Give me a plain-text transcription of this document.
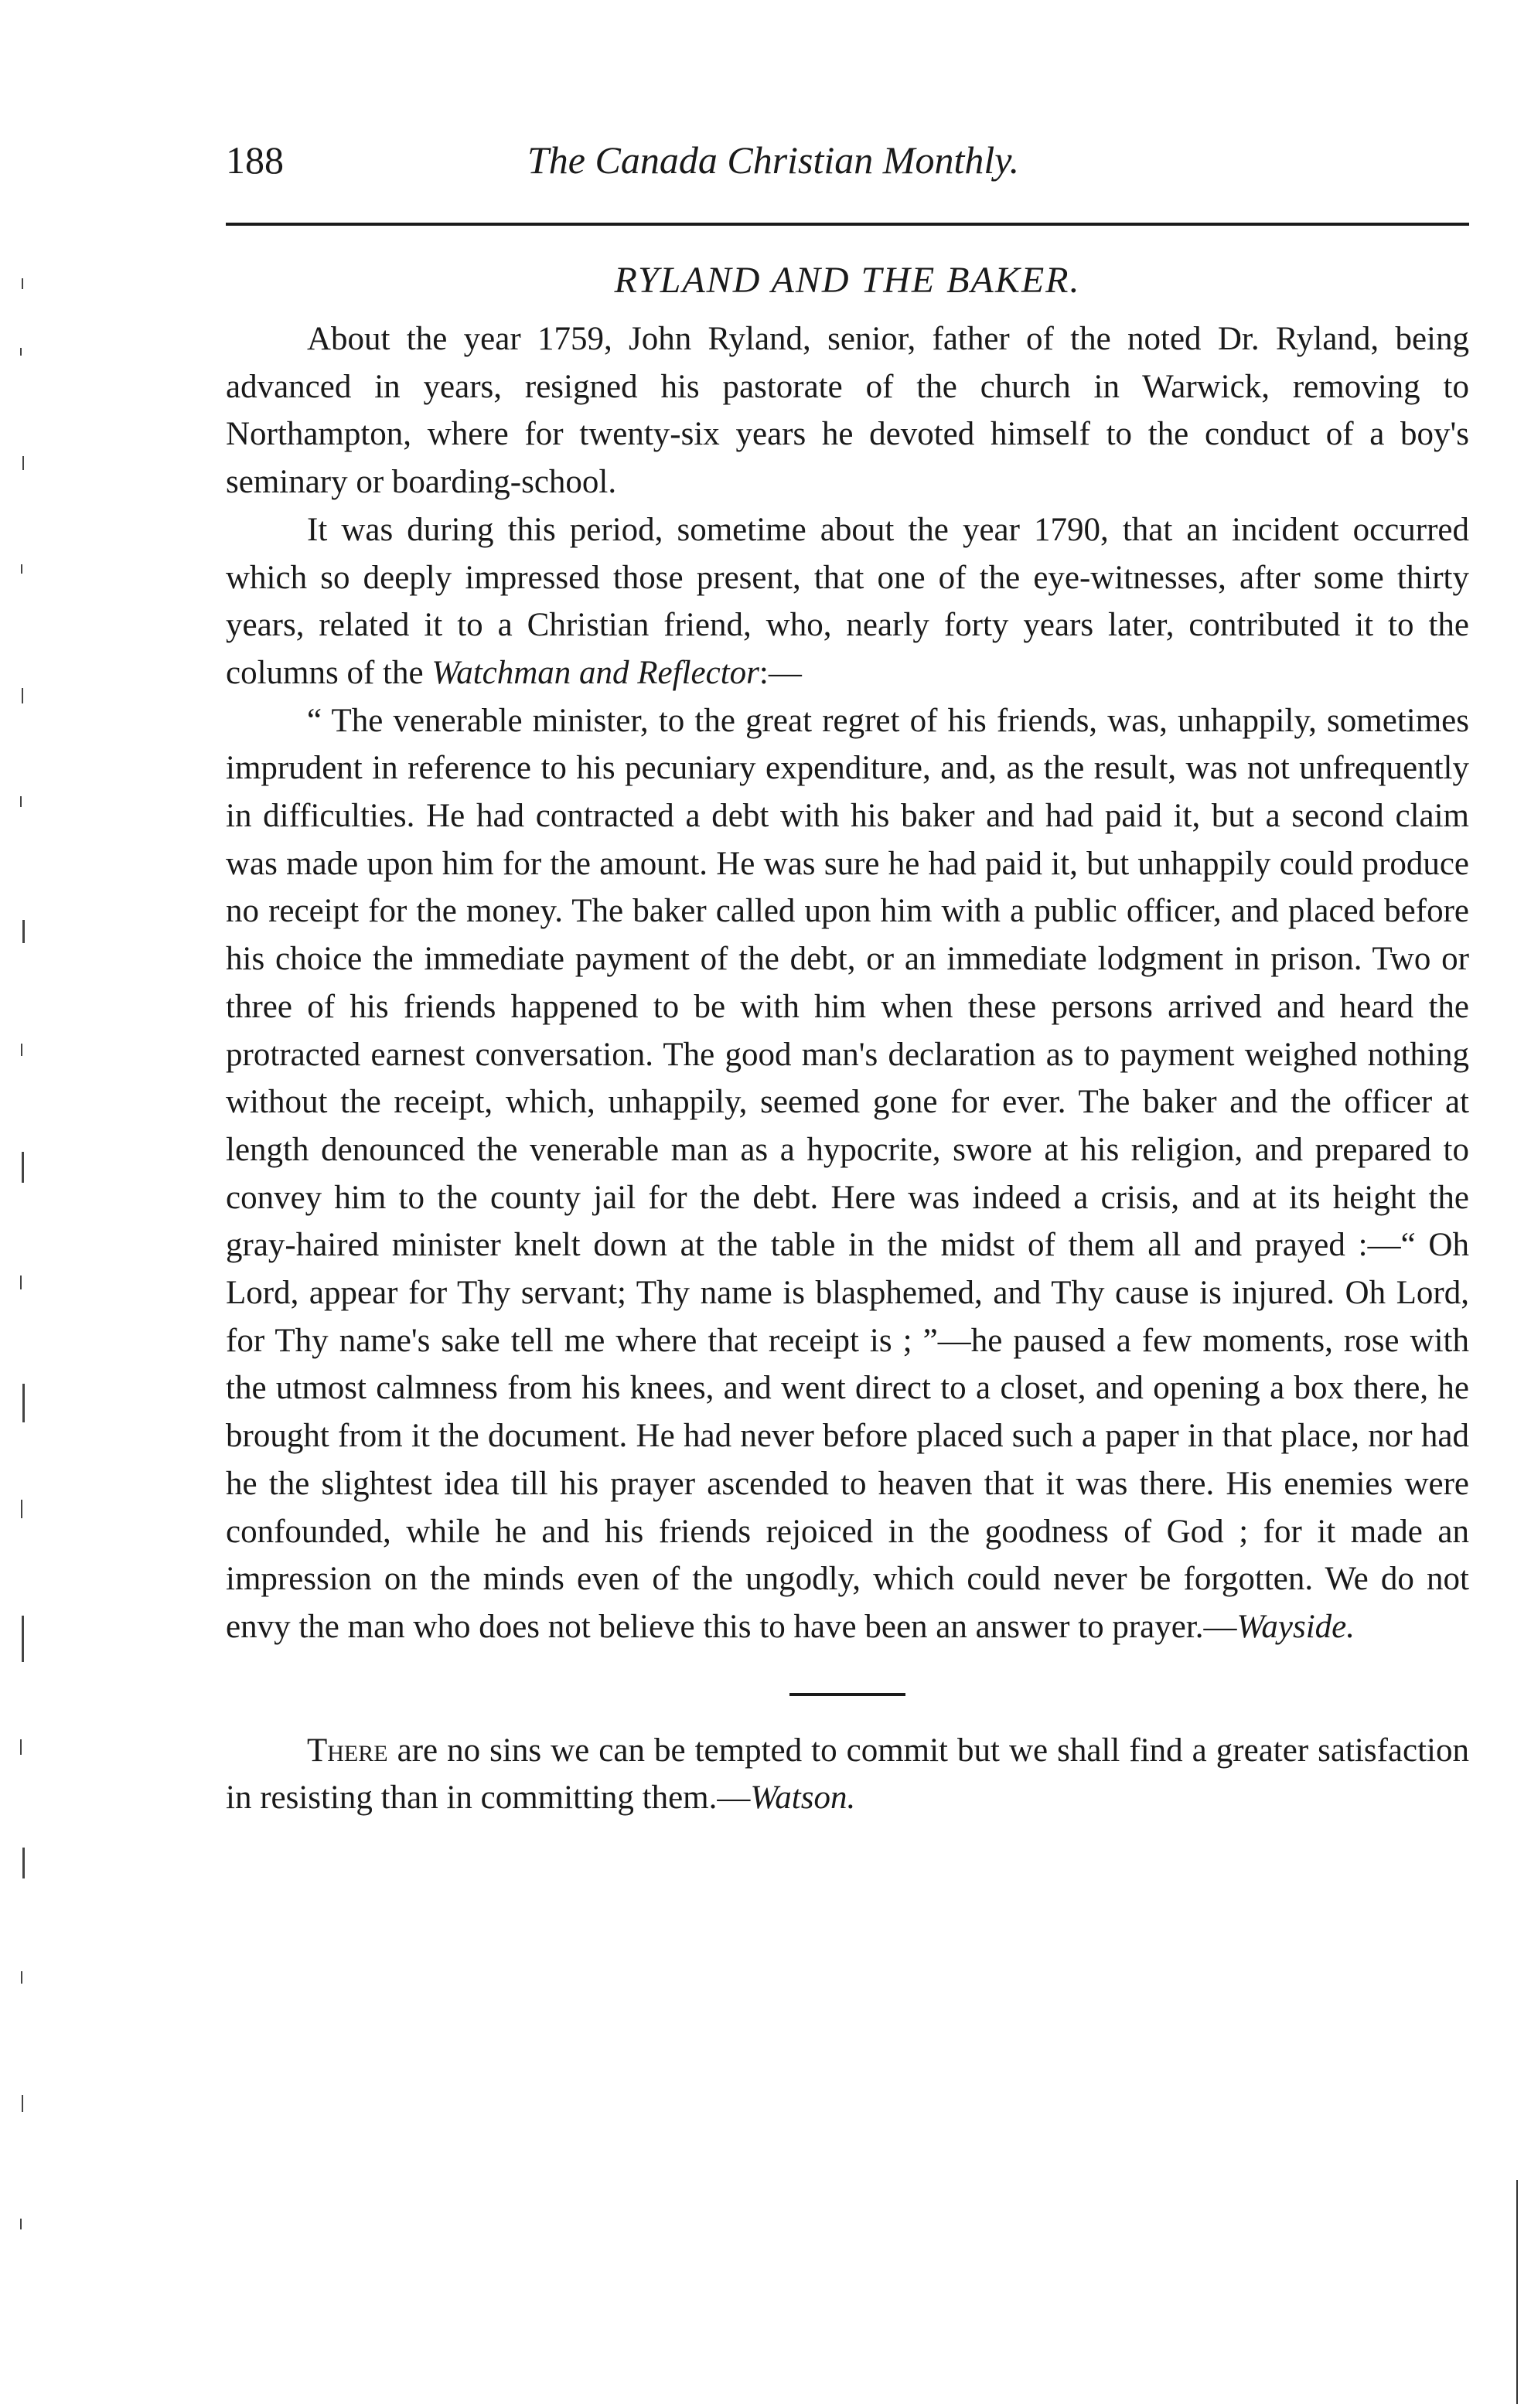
188	The Canada Christian Monthly.
RYLAND AND THE BAKER.

About the year 1759, John Ryland, senior, father of the noted Dr. Ryland, being advanced in years, resigned his pastorate of the church in Warwick, removing to Northampton, where for twenty-six years he devoted himself to the conduct of a boy's seminary or boarding-school.

It was during this period, sometime about the year 1790, that an incident occurred which so deeply impressed those present, that one of the eye-witnesses, after some thirty years, related it to a Christian friend, who, nearly forty years later, contributed it to the columns of the Watchman and Reflector:—

“ The venerable minister, to the great regret of his friends, was, unhappily, sometimes imprudent in reference to his pecuniary expenditure, and, as the result, was not unfrequently in difficulties. He had contracted a debt with his baker and had paid it, but a second claim was made upon him for the amount. He was sure he had paid it, but unhappily could produce no receipt for the money. The baker called upon him with a public officer, and placed before his choice the immediate payment of the debt, or an immediate lodgment in prison. Two or three of his friends happened to be with him when these persons arrived and heard the protracted earnest conversation. The good man's declaration as to payment weighed nothing without the receipt, which, unhappily, seemed gone for ever. The baker and the officer at length denounced the venerable man as a hypocrite, swore at his religion, and prepared to convey him to the county jail for the debt. Here was indeed a crisis, and at its height the gray-haired minister knelt down at the table in the midst of them all and prayed :—“ Oh Lord, appear for Thy servant; Thy name is blasphemed, and Thy cause is injured. Oh Lord, for Thy name's sake tell me where that receipt is ; ”—he paused a few moments, rose with the utmost calmness from his knees, and went direct to a closet, and opening a box there, he brought from it the document. He had never before placed such a paper in that place, nor had he the slightest idea till his prayer ascended to heaven that it was there. His enemies were confounded, while he and his friends rejoiced in the goodness of God ; for it made an impression on the minds even of the ungodly, which could never be forgotten. We do not envy the man who does not believe this to have been an answer to prayer.—Wayside.

There are no sins we can be tempted to commit but we shall find a greater satisfaction in resisting than in committing them.—Watson.
